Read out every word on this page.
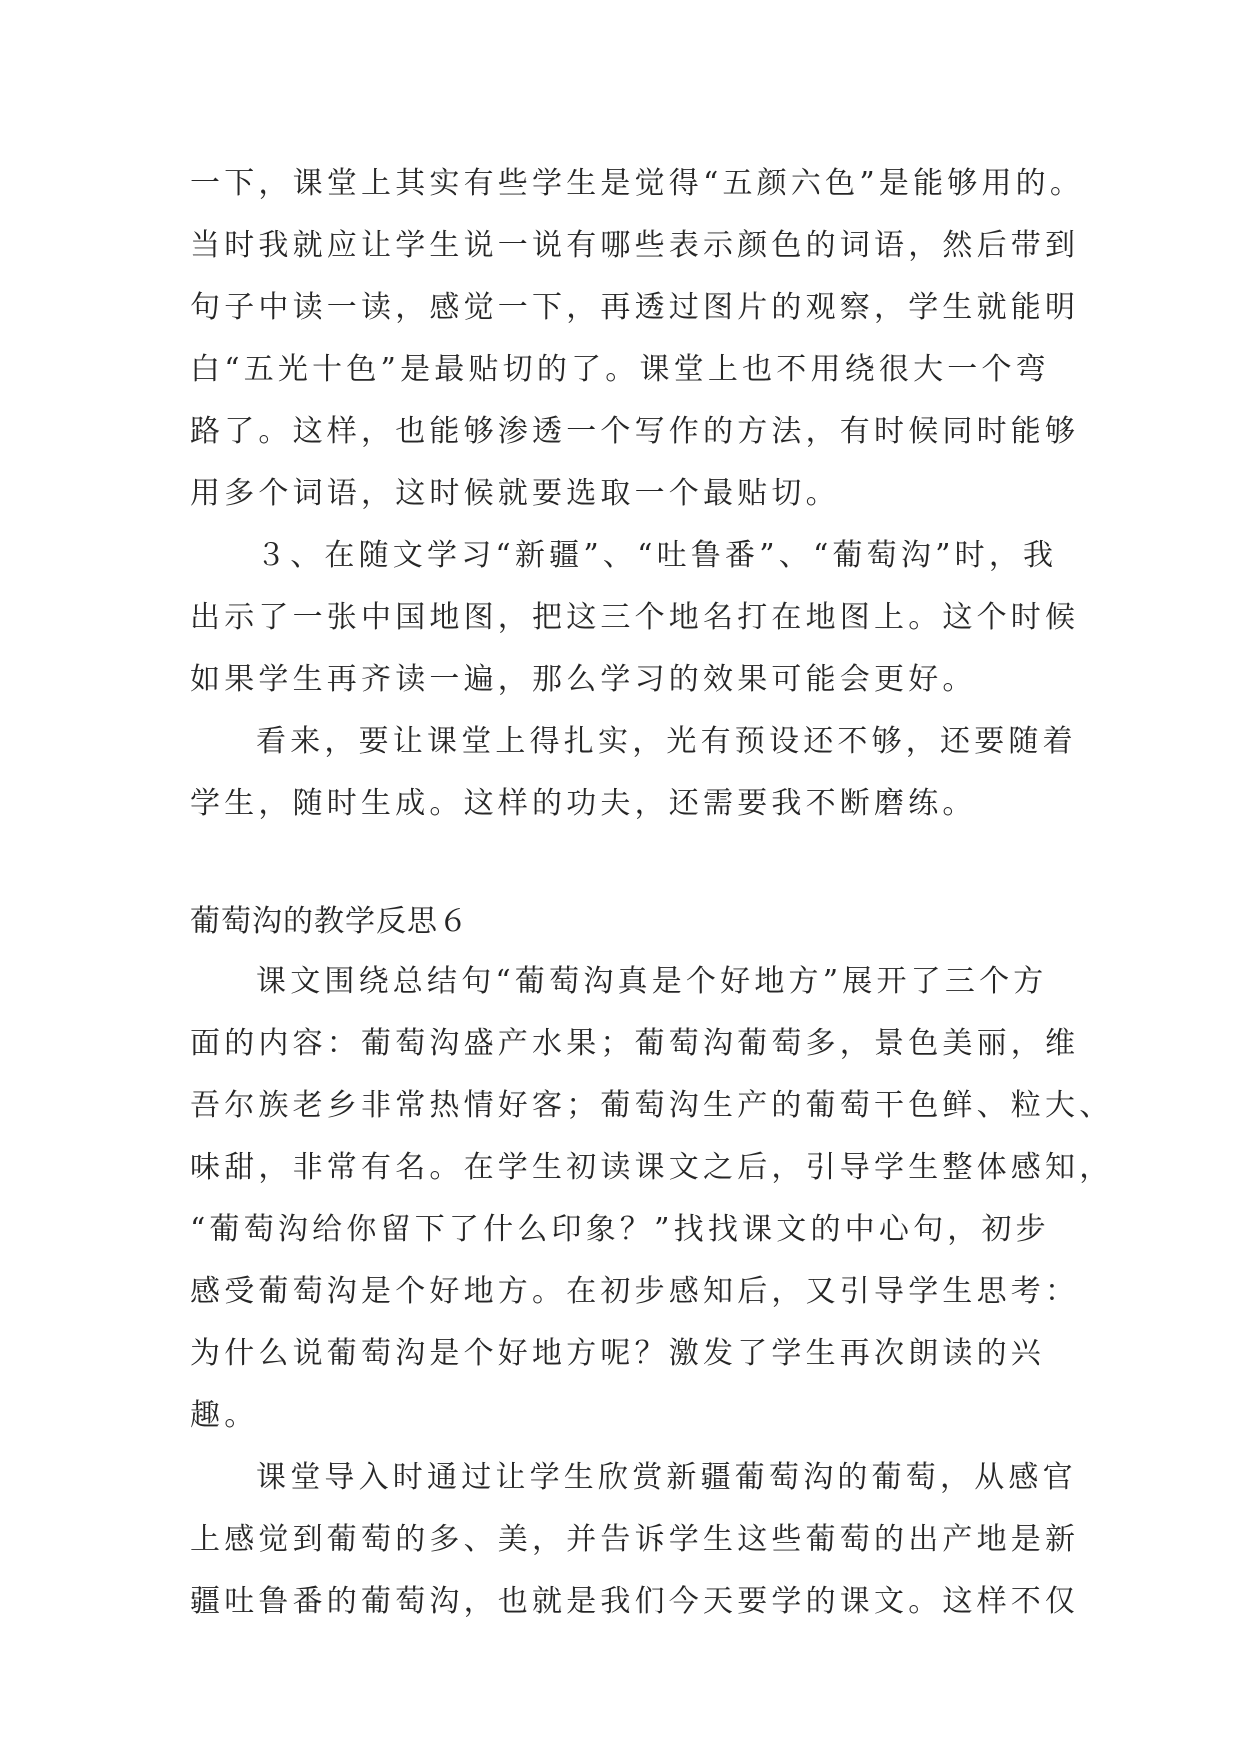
一下，课堂上其实有些学生是觉得“五颜六色”是能够用的。
当时我就应让学生说一说有哪些表示颜色的词语，然后带到
句子中读一读，感觉一下，再透过图片的观察，学生就能明
白“五光十色”是最贴切的了。课堂上也不用绕很大一个弯
路了。这样，也能够渗透一个写作的方法，有时候同时能够
用多个词语，这时候就要选取一个最贴切。
３、在随文学习“新疆”、“吐鲁番”、“葡萄沟”时，我
出示了一张中国地图，把这三个地名打在地图上。这个时候
如果学生再齐读一遍，那么学习的效果可能会更好。
看来，要让课堂上得扎实，光有预设还不够，还要随着
学生，随时生成。这样的功夫，还需要我不断磨练。
葡萄沟的教学反思６
课文围绕总结句“葡萄沟真是个好地方”展开了三个方
面的内容：葡萄沟盛产水果；葡萄沟葡萄多，景色美丽，维
吾尔族老乡非常热情好客；葡萄沟生产的葡萄干色鲜、粒大、
味甜，非常有名。在学生初读课文之后，引导学生整体感知，
“葡萄沟给你留下了什么印象？”找找课文的中心句，初步
感受葡萄沟是个好地方。在初步感知后，又引导学生思考：
为什么说葡萄沟是个好地方呢？激发了学生再次朗读的兴
趣。
课堂导入时通过让学生欣赏新疆葡萄沟的葡萄，从感官
上感觉到葡萄的多、美，并告诉学生这些葡萄的出产地是新
疆吐鲁番的葡萄沟，也就是我们今天要学的课文。这样不仅
